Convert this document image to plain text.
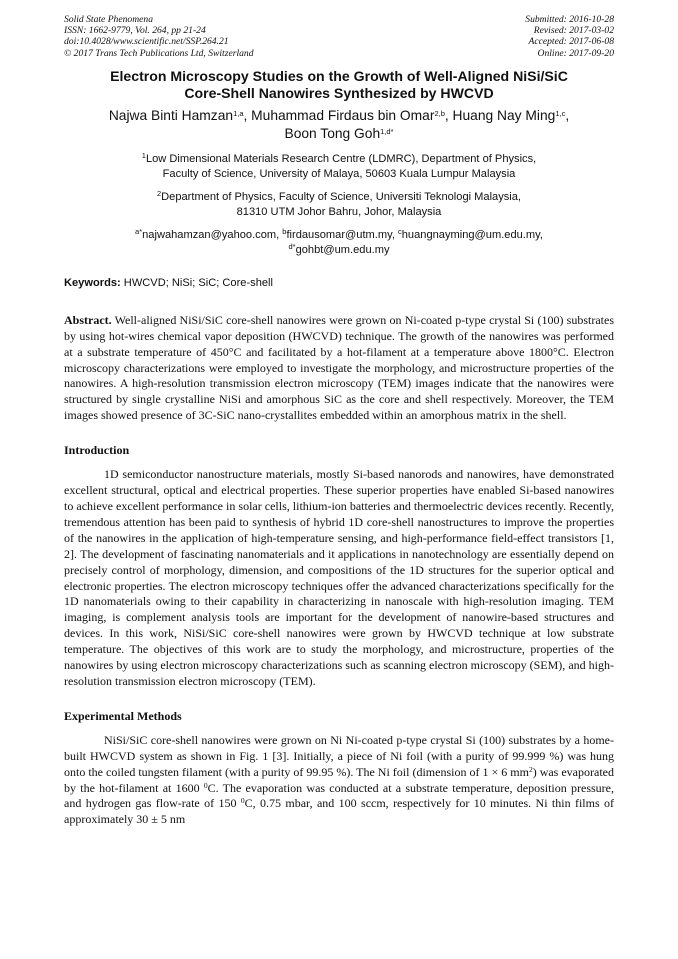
Solid State Phenomena
ISSN: 1662-9779, Vol. 264, pp 21-24
doi:10.4028/www.scientific.net/SSP.264.21
© 2017 Trans Tech Publications Ltd, Switzerland
Submitted: 2016-10-28
Revised: 2017-03-02
Accepted: 2017-06-08
Online: 2017-09-20
Electron Microscopy Studies on the Growth of Well-Aligned NiSi/SiC
Core-Shell Nanowires Synthesized by HWCVD
Najwa Binti Hamzan$^{1,a}$, Muhammad Firdaus bin Omar$^{2,b}$, Huang Nay Ming$^{1,c}$,
Boon Tong Goh$^{1,d*}$
$^1$Low Dimensional Materials Research Centre (LDMRC), Department of Physics,
Faculty of Science, University of Malaya, 50603 Kuala Lumpur Malaysia
$^2$Department of Physics, Faculty of Science, Universiti Teknologi Malaysia,
81310 UTM Johor Bahru, Johor, Malaysia
$^{a*}$najwahamzan@yahoo.com, $^b$firdausomar@utm.my, $^c$huangnayming@um.edu.my,
$^{d*}$gohbt@um.edu.my
Keywords: HWCVD; NiSi; SiC; Core-shell

Abstract. Well-aligned NiSi/SiC core-shell nanowires were grown on Ni-coated p-type crystal Si (100) substrates by using hot-wires chemical vapor deposition (HWCVD) technique. The growth of the nanowires was performed at a substrate temperature of 450°C and facilitated by a hot-filament at a temperature above 1800°C. Electron microscopy characterizations were employed to investigate the morphology, and microstructure properties of the nanowires. A high-resolution transmission electron microscopy (TEM) images indicate that the nanowires were structured by single crystalline NiSi and amorphous SiC as the core and shell respectively. Moreover, the TEM images showed presence of 3C-SiC nano-crystallites embedded within an amorphous matrix in the shell.

Introduction

1D semiconductor nanostructure materials, mostly Si-based nanorods and nanowires, have demonstrated excellent structural, optical and electrical properties. These superior properties have enabled Si-based nanowires to achieve excellent performance in solar cells, lithium-ion batteries and thermoelectric devices recently. Recently, tremendous attention has been paid to synthesis of hybrid 1D core-shell nanostructures to improve the properties of the nanowires in the application of high-temperature sensing, and high-performance field-effect transistors [1, 2]. The development of fascinating nanomaterials and it applications in nanotechnology are essentially depend on precisely control of morphology, dimension, and compositions of the 1D structures for the superior optical and electronic properties. The electron microscopy techniques offer the advanced characterizations specifically for the 1D nanomaterials owing to their capability in characterizing in nanoscale with high-resolution imaging. TEM imaging, is complement analysis tools are important for the development of nanowire-based structures and devices. In this work, NiSi/SiC core-shell nanowires were grown by HWCVD technique at low substrate temperature. The objectives of this work are to study the morphology, and microstructure, properties of the nanowires by using electron microscopy characterizations such as scanning electron microscopy (SEM), and high-resolution transmission electron microscopy (TEM).

Experimental Methods

NiSi/SiC core-shell nanowires were grown on Ni Ni-coated p-type crystal Si (100) substrates by a home-built HWCVD system as shown in Fig. 1 [3]. Initially, a piece of Ni foil (with a purity of 99.999 %) was hung onto the coiled tungsten filament (with a purity of 99.95 %). The Ni foil (dimension of 1 × 6 $mm^2$) was evaporated by the hot-filament at 1600 $^0$C. The evaporation was conducted at a substrate temperature, deposition pressure, and hydrogen gas flow-rate of 150 $^0$C, 0.75 mbar, and 100 sccm, respectively for 10 minutes. Ni thin films of approximately 30 ± 5 nm
